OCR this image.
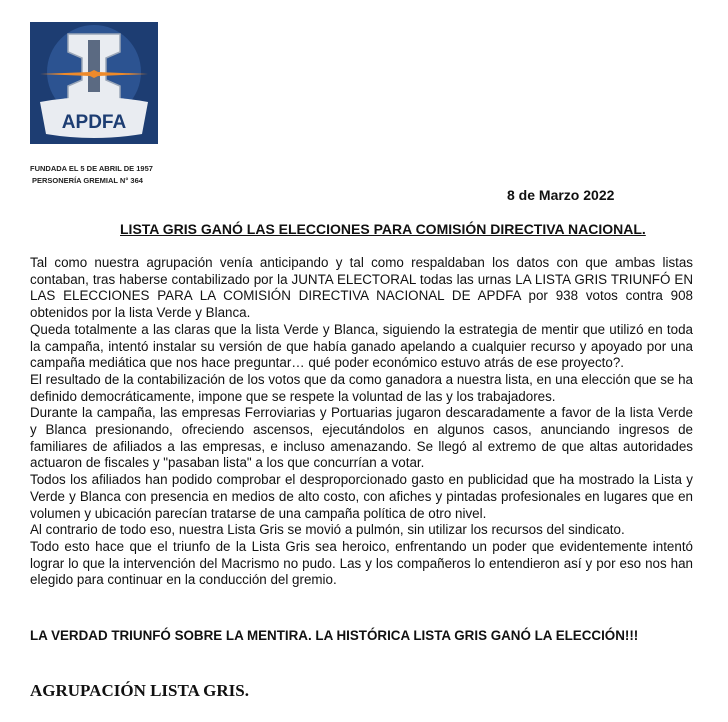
APDFA
FUNDADA EL 5 DE ABRIL DE 1957
PERSONERÍA GREMIAL N° 364
8 de Marzo 2022
LISTA GRIS GANÓ LAS ELECCIONES PARA COMISIÓN DIRECTIVA NACIONAL.

Tal como nuestra agrupación venía anticipando y tal como respaldaban los datos con que ambas listas contaban, tras haberse contabilizado por la JUNTA ELECTORAL todas las urnas LA LISTA GRIS TRIUNFÓ EN LAS ELECCIONES PARA LA COMISIÓN DIRECTIVA NACIONAL DE APDFA por 938 votos contra 908 obtenidos por la lista Verde y Blanca.

Queda totalmente a las claras que la lista Verde y Blanca, siguiendo la estrategia de mentir que utilizó en toda la campaña, intentó instalar su versión de que había ganado apelando a cualquier recurso y apoyado por una campaña mediática que nos hace preguntar… qué poder económico estuvo atrás de ese proyecto?.

El resultado de la contabilización de los votos que da como ganadora a nuestra lista, en una elección que se ha definido democráticamente, impone que se respete la voluntad de las y los trabajadores.

Durante la campaña, las empresas Ferroviarias y Portuarias jugaron descaradamente a favor de la lista Verde y Blanca presionando, ofreciendo ascensos, ejecutándolos en algunos casos, anunciando ingresos de familiares de afiliados a las empresas, e incluso amenazando. Se llegó al extremo de que altas autoridades actuaron de fiscales y "pasaban lista" a los que concurrían a votar.

Todos los afiliados han podido comprobar el desproporcionado gasto en publicidad que ha mostrado la Lista y Verde y Blanca con presencia en medios de alto costo, con afiches y pintadas profesionales en lugares que en volumen y ubicación parecían tratarse de una campaña política de otro nivel.

Al contrario de todo eso, nuestra Lista Gris se movió a pulmón, sin utilizar los recursos del sindicato.

Todo esto hace que el triunfo de la Lista Gris sea heroico, enfrentando un poder que evidentemente intentó lograr lo que la intervención del Macrismo no pudo. Las y los compañeros lo entendieron así y por eso nos han elegido para continuar en la conducción del gremio.

LA VERDAD TRIUNFÓ SOBRE LA MENTIRA. LA HISTÓRICA LISTA GRIS GANÓ LA ELECCIÓN!!!
AGRUPACIÓN LISTA GRIS.
